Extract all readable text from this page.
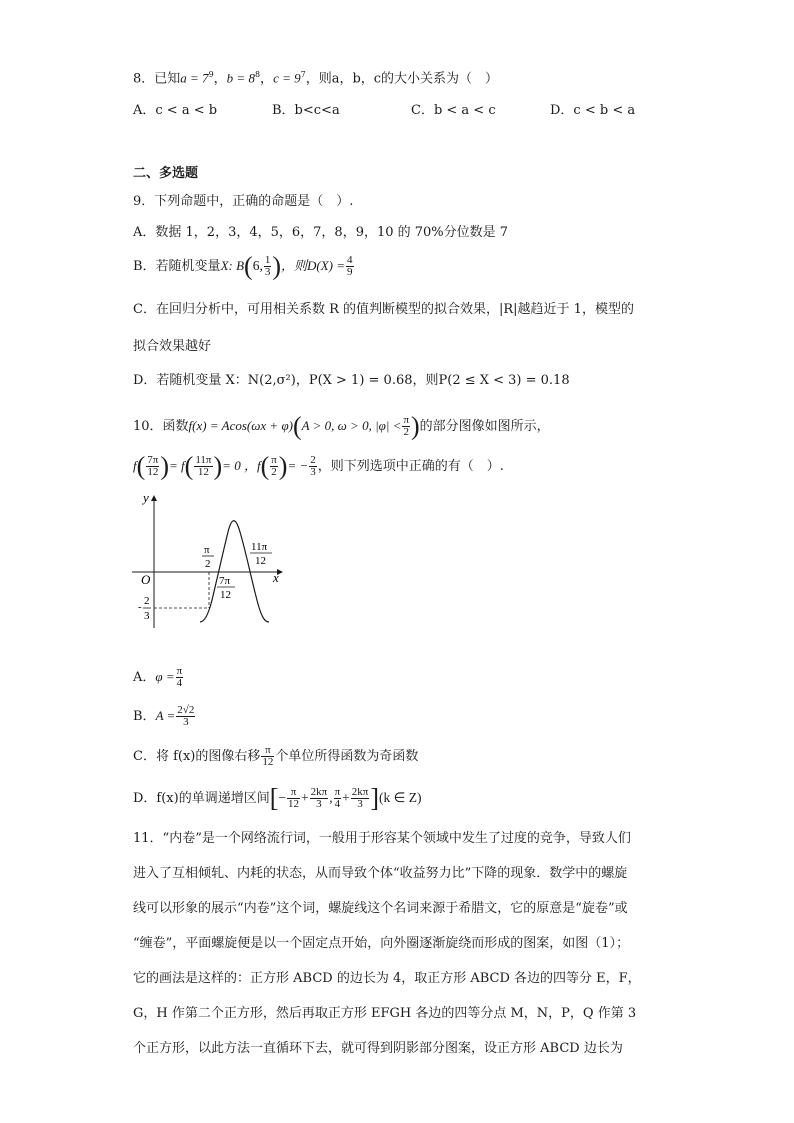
8．已知$a = 7^9$，$b = 8^8$，$c = 9^7$，则a，b，c的大小关系为（　）
A．c < a < b	B．b<c<a	C．b < a < c	D．c < b < a
二、多选题
9．下列命题中，正确的命题是（　）.
A．数据 1，2，3，4，5，6，7，8，9，10 的 70%分位数是 7
B．若随机变量X: B(6, $\frac{1}{3}$ )，则$D(X) = \frac{4}{9}$
C．在回归分析中，可用相关系数 R 的值判断模型的拟合效果，|R|越趋近于 1，模型的
拟合效果越好
D．若随机变量 X：N(2,σ²)，P(X > 1) = 0.68，则P(2 ≤ X < 3) = 0.18
10．函数f(x) = Acos(ωx + φ)(A > 0, ω > 0, $|\varphi| < \frac{\pi}{2}$ )的部分图像如图所示，
$f( \frac{7\pi}{12}$ )= $f( \frac{11\pi}{12}$ )= 0 ，$f( \frac{\pi}{2}$ )= − $\frac{2}{3}$ ，则下列选项中正确的有（　）.
y
x
O
π
2
7π
12
11π
12
- 2
3
A．$\varphi = \frac{\pi}{4}$
B．$A = \frac{2√2}{3}$
C．将 f(x)的图像右移 $\frac{\pi}{12}$ 个单位所得函数为奇函数
D．f(x)的单调递增区间[− $\frac{\pi}{12} + \frac{2k\pi}{3}$ , $\frac{\pi}{4} + \frac{2k\pi}{3} ](k$ ∈ Z)
11．“内卷”是一个网络流行词，一般用于形容某个领域中发生了过度的竞争，导致人们
进入了互相倾轧、内耗的状态，从而导致个体“收益努力比”下降的现象．数学中的螺旋
线可以形象的展示“内卷”这个词，螺旋线这个名词来源于希腊文，它的原意是“旋卷”或
“缠卷”，平面螺旋便是以一个固定点开始，向外圈逐渐旋绕而形成的图案，如图（1）；
它的画法是这样的：正方形 ABCD 的边长为 4，取正方形 ABCD 各边的四等分 E，F，
G，H 作第二个正方形，然后再取正方形 EFGH 各边的四等分点 M，N，P，Q 作第 3
个正方形，以此方法一直循环下去，就可得到阴影部分图案，设正方形 ABCD 边长为
